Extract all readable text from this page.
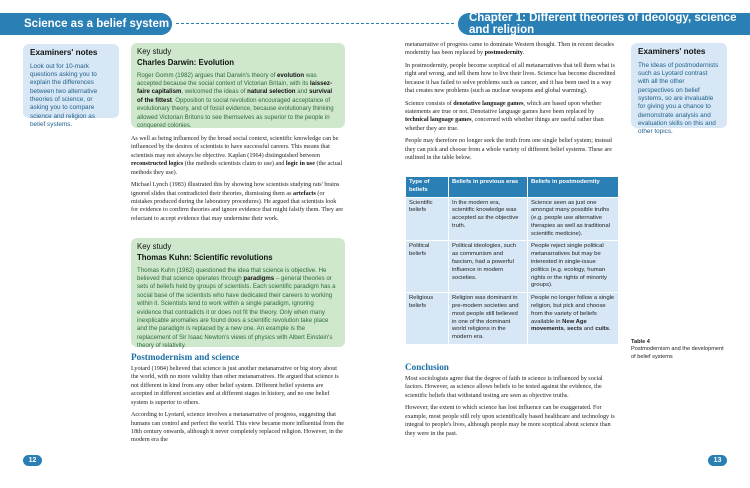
Science as a belief system	Chapter 1: Different theories of ideology, science and religion
Examiners' notes
Look out for 10-mark questions asking you to explain the differences between two alternative theories of science, or asking you to compare science and religion as belief systems.
Key study
Charles Darwin: Evolution
Roger Gomm (1982) argues that Darwin's theory of evolution was accepted because the social context of Victorian Britain, with its laissez-faire capitalism, welcomed the ideas of natural selection and survival of the fittest. Opposition to social revolution encouraged acceptance of evolutionary theory, and of fossil evidence, because evolutionary thinking allowed Victorian Britons to see themselves as superior to the people in conquered colonies.

As well as being influenced by the broad social context, scientific knowledge can be influenced by the desires of scientists to have successful careers. This means that scientists may not always be objective. Kaplan (1964) distinguished between reconstructed logics (the methods scientists claim to use) and logic in use (the actual methods they use).

Michael Lynch (1983) illustrated this by showing how scientists studying rats' brains ignored slides that contradicted their theories, dismissing them as artefacts (or mistakes produced during the laboratory procedures). He argued that scientists look for evidence to confirm theories and ignore evidence that might falsify them. They are reluctant to accept evidence that may undermine their work.

Key study
Thomas Kuhn: Scientific revolutions
Thomas Kuhn (1962) questioned the idea that science is objective. He believed that science operates through paradigms – general theories or sets of beliefs held by groups of scientists. Each scientific paradigm has a social base of the scientists who have dedicated their careers to working within it. Scientists tend to work within a single paradigm, ignoring evidence that contradicts it or does not fit the theory. Only when many inexplicable anomalies are found does a scientific revolution take place and the paradigm is replaced by a new one. An example is the replacement of Sir Isaac Newton's views of physics with Albert Einstein's theory of relativity.
Postmodernism and science

Lyotard (1984) believed that science is just another metanarrative or big story about the world, with no more validity than other metanarratives. He argued that science is not different in kind from any other belief system. Different belief systems are accepted in different societies and at different stages in history, and no one belief system is superior to others.

According to Lyotard, science involves a metanarrative of progress, suggesting that humans can control and perfect the world. This view became more influential from the 18th century onwards, although it never completely replaced religion. However, in the modern era the

metanarrative of progress came to dominate Western thought. Then in recent decades modernity has been replaced by postmodernity.

In postmodernity, people become sceptical of all metanarratives that tell them what is right and wrong, and tell them how to live their lives. Science has become discredited because it has failed to solve problems such as cancer, and it has been used in a way that creates new problems (such as nuclear weapons and global warming).

Science consists of denotative language games, which are based upon whether statements are true or not. Denotative language games have been replaced by technical language games, concerned with whether things are useful rather than whether they are true.

People may therefore no longer seek the truth from one single belief system; instead they can pick and choose from a whole variety of different belief systems. These are outlined in the table below.

Type of beliefs	Beliefs in previous eras	Beliefs in postmodernity
Scientific beliefs	In the modern era, scientific knowledge was accepted as the objective truth.	Science seen as just one amongst many possible truths (e.g. people use alternative therapies as well as traditional scientific medicine).
Political beliefs	Political ideologies, such as communism and fascism, had a powerful influence in modern societies.	People reject single political metanarratives but may be interested in single-issue politics (e.g. ecology, human rights or the rights of minority groups).
Religious beliefs	Religion was dominant in pre-modern societies and most people still believed in one of the dominant world religions in the modern era.	People no longer follow a single religion, but pick and choose from the variety of beliefs available in New Age movements, sects and cults.
Table 4
Postmodernism and the development of belief systems
Examiners' notes
The ideas of postmodernists such as Lyotard contrast with all the other perspectives on belief systems, so are invaluable for giving you a chance to demonstrate analysis and evaluation skills on this and other topics.
Conclusion

Most sociologists agree that the degree of faith in science is influenced by social factors. However, as science allows beliefs to be tested against the evidence, the scientific beliefs that withstand testing are seen as objective truths.

However, the extent to which science has lost influence can be exaggerated. For example, most people still rely upon scientifically based healthcare and technology is integral to people's lives, although people may be more sceptical about science than they were in the past.

12	13
